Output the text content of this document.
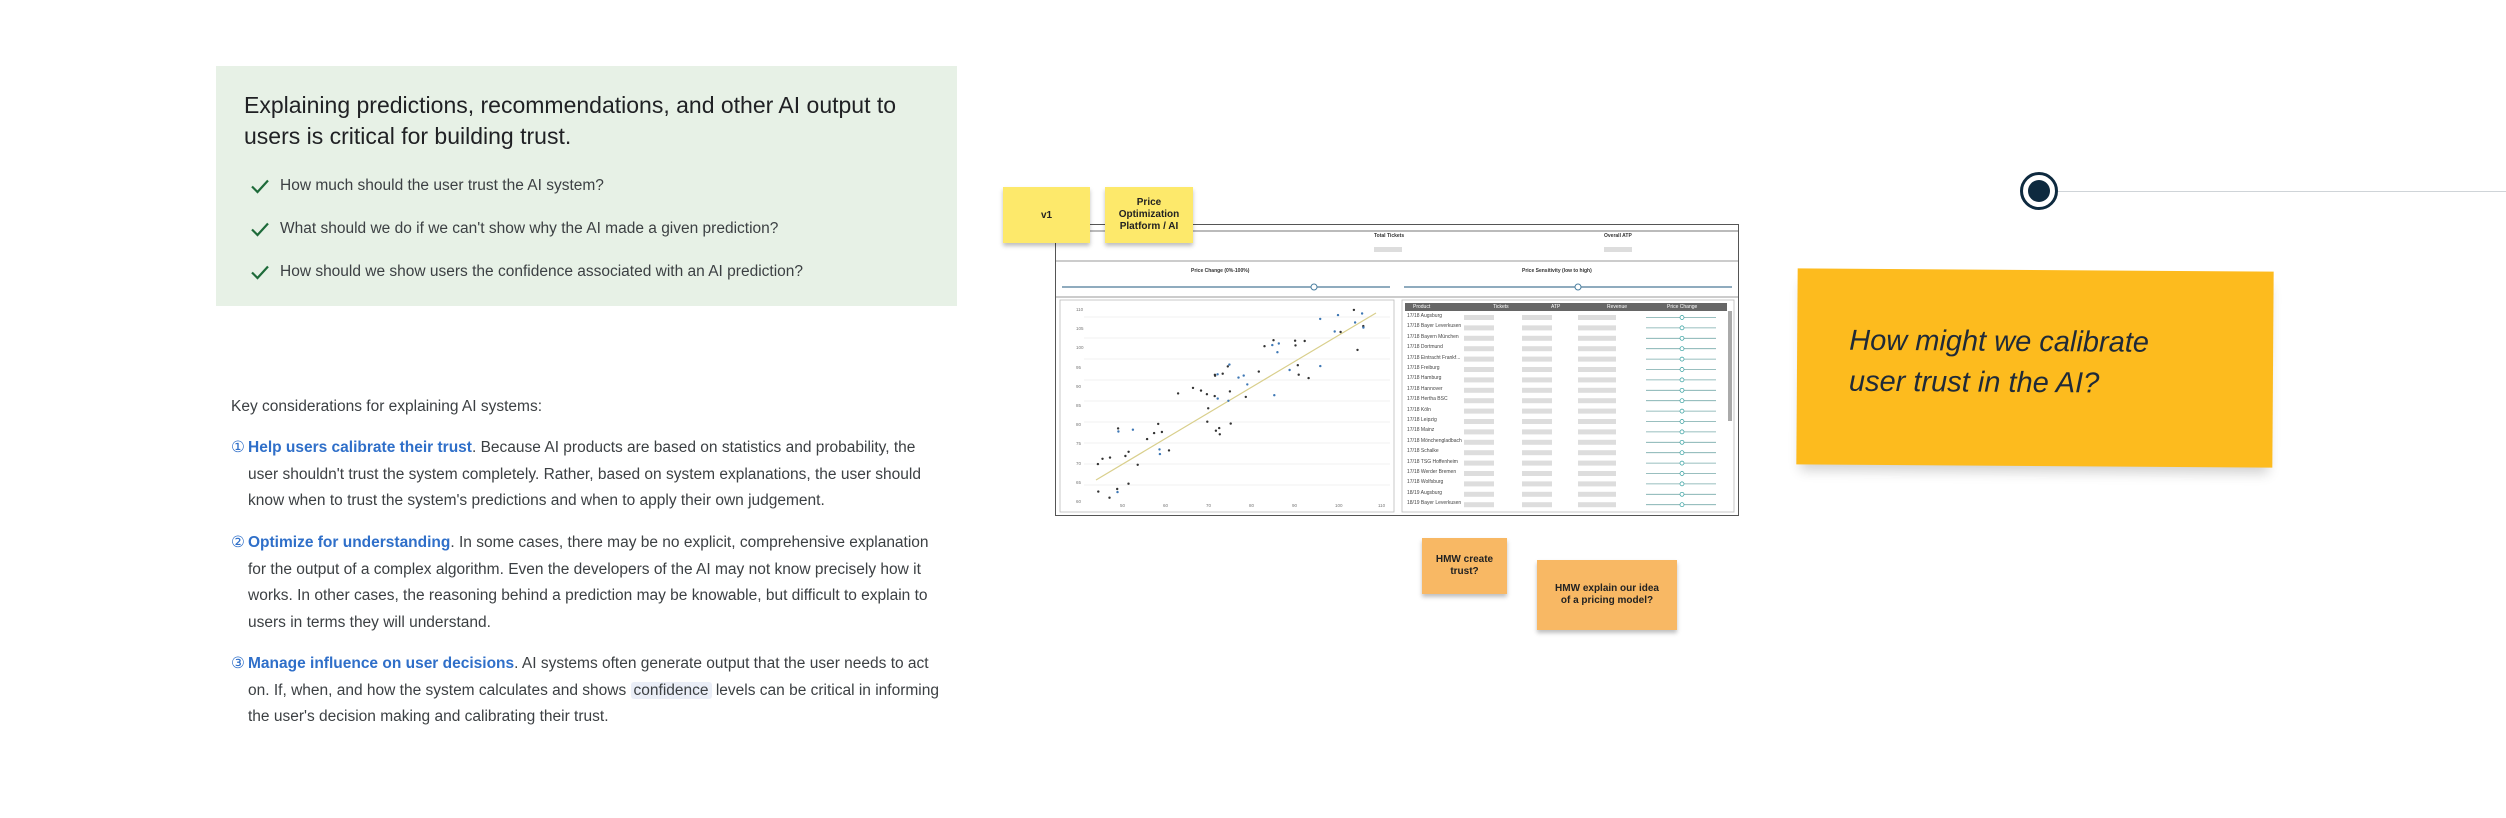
Explaining predictions, recommendations, and other AI output to users is critical for building trust.
How much should the user trust the AI system?
What should we do if we can't show why the AI made a given prediction?
How should we show users the confidence associated with an AI prediction?
Key considerations for explaining AI systems:
① Help users calibrate their trust. Because AI products are based on statistics and probability, the user shouldn't trust the system completely. Rather, based on system explanations, the user should know when to trust the system's predictions and when to apply their own judgement.
② Optimize for understanding. In some cases, there may be no explicit, comprehensive explanation for the output of a complex algorithm. Even the developers of the AI may not know precisely how it works. In other cases, the reasoning behind a prediction may be knowable, but difficult to explain to users in terms they will understand.
③ Manage influence on user decisions. AI systems often generate output that the user needs to act on. If, when, and how the system calculates and shows confidence levels can be critical in informing the user's decision making and calibrating their trust.
Total Tickets	Overall ATP
Price Change (0%-100%)	Price Sensitivity (low to high)
Product	Tickets	ATP	Revenue	Price Change
17/18 Augsburg
17/18 Bayer Leverkusen
17/18 Bayern München
17/18 Dortmund
17/18 Eintracht Frankf...
17/18 Freiburg
17/18 Hamburg
17/18 Hannover
17/18 Hertha BSC
17/18 Köln
17/18 Leipzig
17/18 Mainz
17/18 Mönchengladbach
17/18 Schalke
17/18 TSG Hoffenheim
17/18 Werder Bremen
17/18 Wolfsburg
18/19 Augsburg
18/19 Bayer Leverkusen
110
105
100
95
90
85
80
75
70
65
60
50	60	70	80	90	100	110
v1
Price Optimization Platform / AI
HMW create trust?
HMW explain our idea of a pricing model?
How might we calibrate user trust in the AI?
